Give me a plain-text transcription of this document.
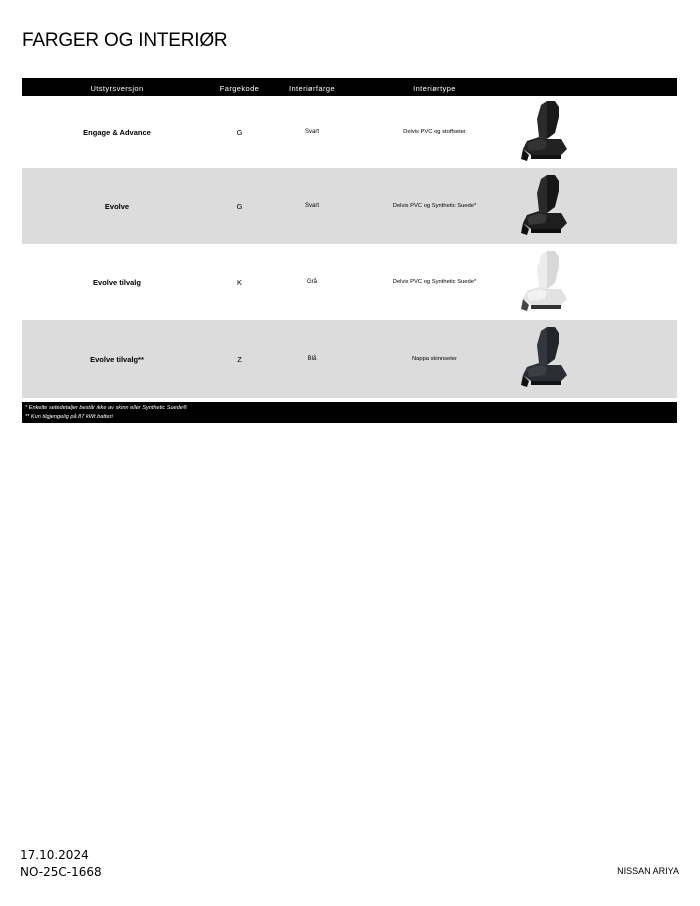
FARGER OG INTERIØR
Utstyrsversjon	Fargekode	Interiørfarge	Interiørtype
Engage & Advance	G	Svart	Delvis PVC og stoffseter
Evolve	G	Svart	Delvis PVC og Synthetic Suede*
Evolve tilvalg	K	Grå	Delvis PVC og Synthetic Suede*
Evolve tilvalg**	Z	Blå	Nappa skinnseter
* Enkelte setedetaljer består ikke av skinn eller Synthetic Suede®
** Kun tilgjengelig på 87 kWt batteri
17.10.2024
NO-25C-1668	NISSAN ARIYA
